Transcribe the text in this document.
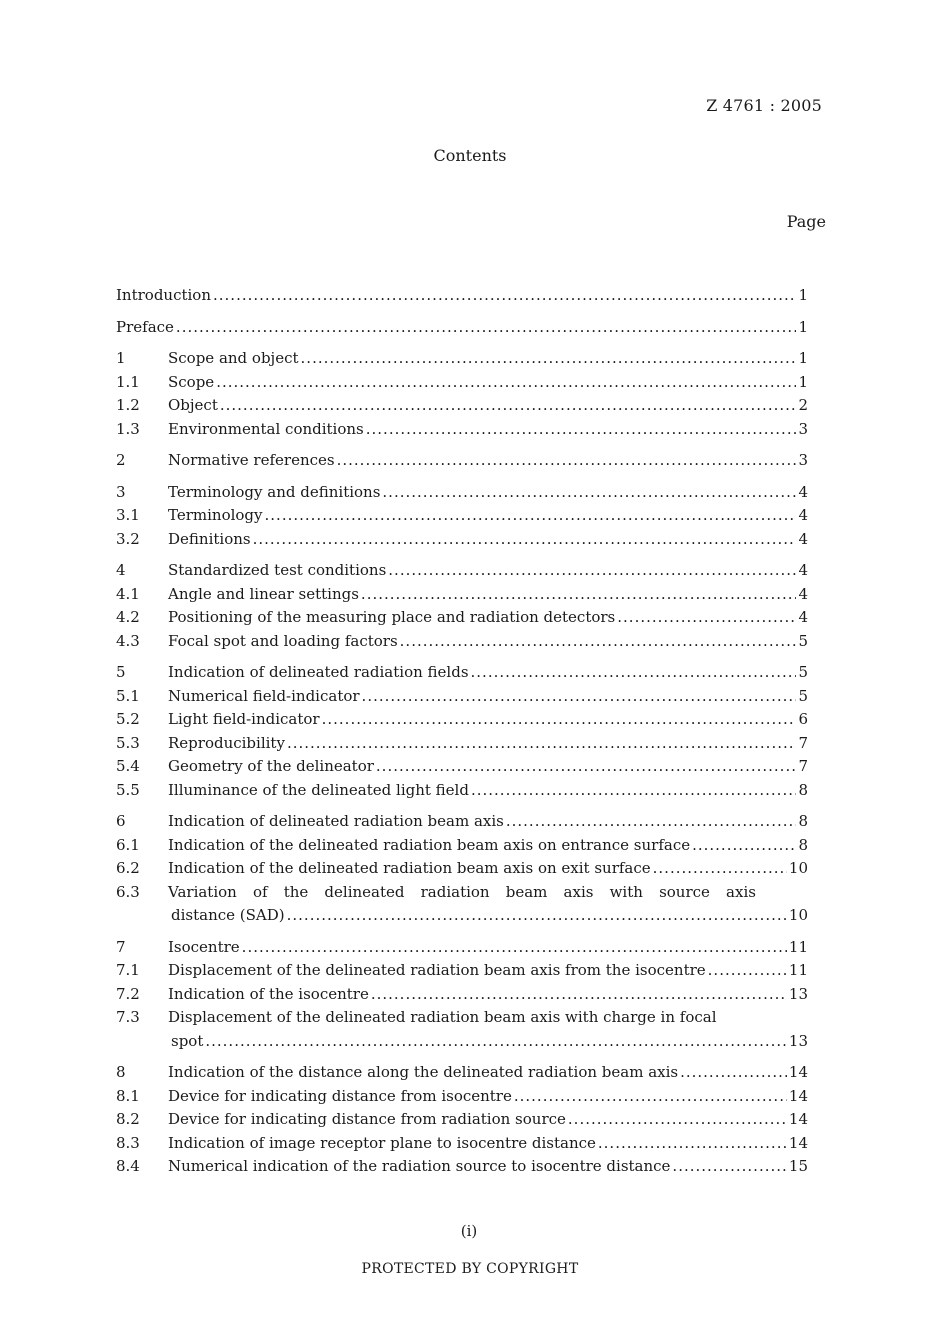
Z 4761 : 2005
Contents
Page
Introduction .....	1
Preface .....	1
1	Scope and object .....	1
1.1	Scope .....	1
1.2	Object .....	2
1.3	Environmental conditions .....	3
2	Normative references .....	3
3	Terminology and definitions .....	4
3.1	Terminology .....	4
3.2	Definitions .....	4
4	Standardized test conditions .....	4
4.1	Angle and linear settings .....	4
4.2	Positioning of the measuring place and radiation detectors .....	4
4.3	Focal spot and loading factors .....	5
5	Indication of delineated radiation fields .....	5
5.1	Numerical field-indicator .....	5
5.2	Light field-indicator .....	6
5.3	Reproducibility .....	7
5.4	Geometry of the delineator .....	7
5.5	Illuminance of the delineated light field .....	8
6	Indication of delineated radiation beam axis .....	8
6.1	Indication of the delineated radiation beam axis on entrance surface .....	8
6.2	Indication of the delineated radiation beam axis on exit surface .....	10
6.3	Variation of the delineated radiation beam axis with source axis
distance (SAD) .....	10
7	Isocentre .....	11
7.1	Displacement of the delineated radiation beam axis from the isocentre .....	11
7.2	Indication of the isocentre .....	13
7.3	Displacement of the delineated radiation beam axis with charge in focal
spot .....	13
8	Indication of the distance along the delineated radiation beam axis .....	14
8.1	Device for indicating distance from isocentre .....	14
8.2	Device for indicating distance from radiation source .....	14
8.3	Indication of image receptor plane to isocentre distance .....	14
8.4	Numerical indication of the radiation source to isocentre distance .....	15
(i)
PROTECTED BY COPYRIGHT
